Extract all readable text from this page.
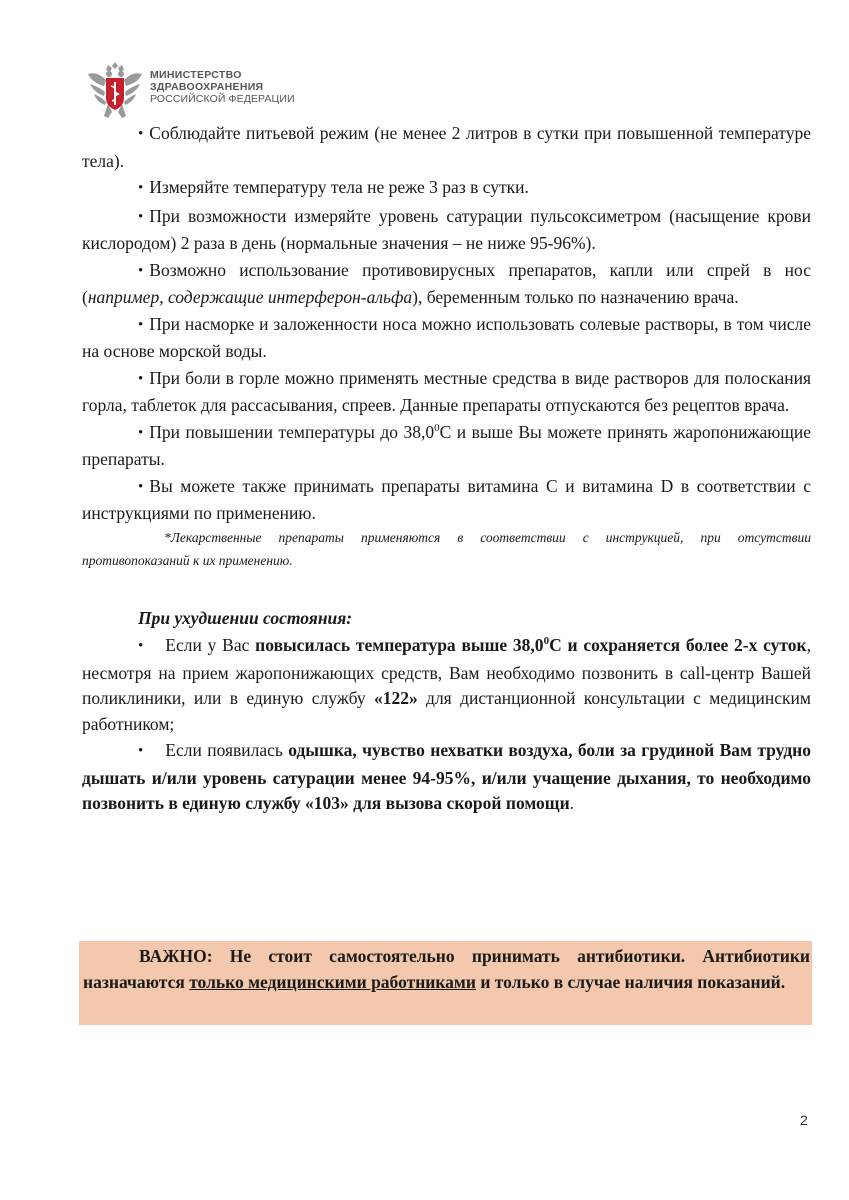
МИНИСТЕРСТВО
ЗДРАВООХРАНЕНИЯ
РОССИЙСКОЙ ФЕДЕРАЦИИ

• Соблюдайте питьевой режим (не менее 2 литров в сутки при повышенной температуре тела).

• Измеряйте температуру тела не реже 3 раз в сутки.

• При возможности измеряйте уровень сатурации пульсоксиметром (насыщение крови кислородом) 2 раза в день (нормальные значения – не ниже 95-96%).

• Возможно использование противовирусных препаратов, капли или спрей в нос (например, содержащие интерферон-альфа), беременным только по назначению врача.

• При насморке и заложенности носа можно использовать солевые растворы, в том числе на основе морской воды.

• При боли в горле можно применять местные средства в виде растворов для полоскания горла, таблеток для рассасывания, спреев. Данные препараты отпускаются без рецептов врача.

• При повышении температуры до 38,0$^0$С и выше Вы можете принять жаропонижающие препараты.

• Вы можете также принимать препараты витамина С и витамина D в соответствии с инструкциями по применению.

*Лекарственные препараты применяются в соответствии с инструкцией, при отсутствии противопоказаний к их применению.
При ухудшении состояния:

• Если у Вас повысилась температура выше 38,0$^0$С и сохраняется более 2-х суток, несмотря на прием жаропонижающих средств, Вам необходимо позвонить в call-центр Вашей поликлиники, или в единую службу «122» для дистанционной консультации с медицинским работником;

• Если появилась одышка, чувство нехватки воздуха, боли за грудиной Вам трудно дышать и/или уровень сатурации менее 94-95%, и/или учащение дыхания, то необходимо позвонить в единую службу «103» для вызова скорой помощи.

ВАЖНО: Не стоит самостоятельно принимать антибиотики. Антибиотики назначаются только медицинскими работниками и только в случае наличия показаний.
2
